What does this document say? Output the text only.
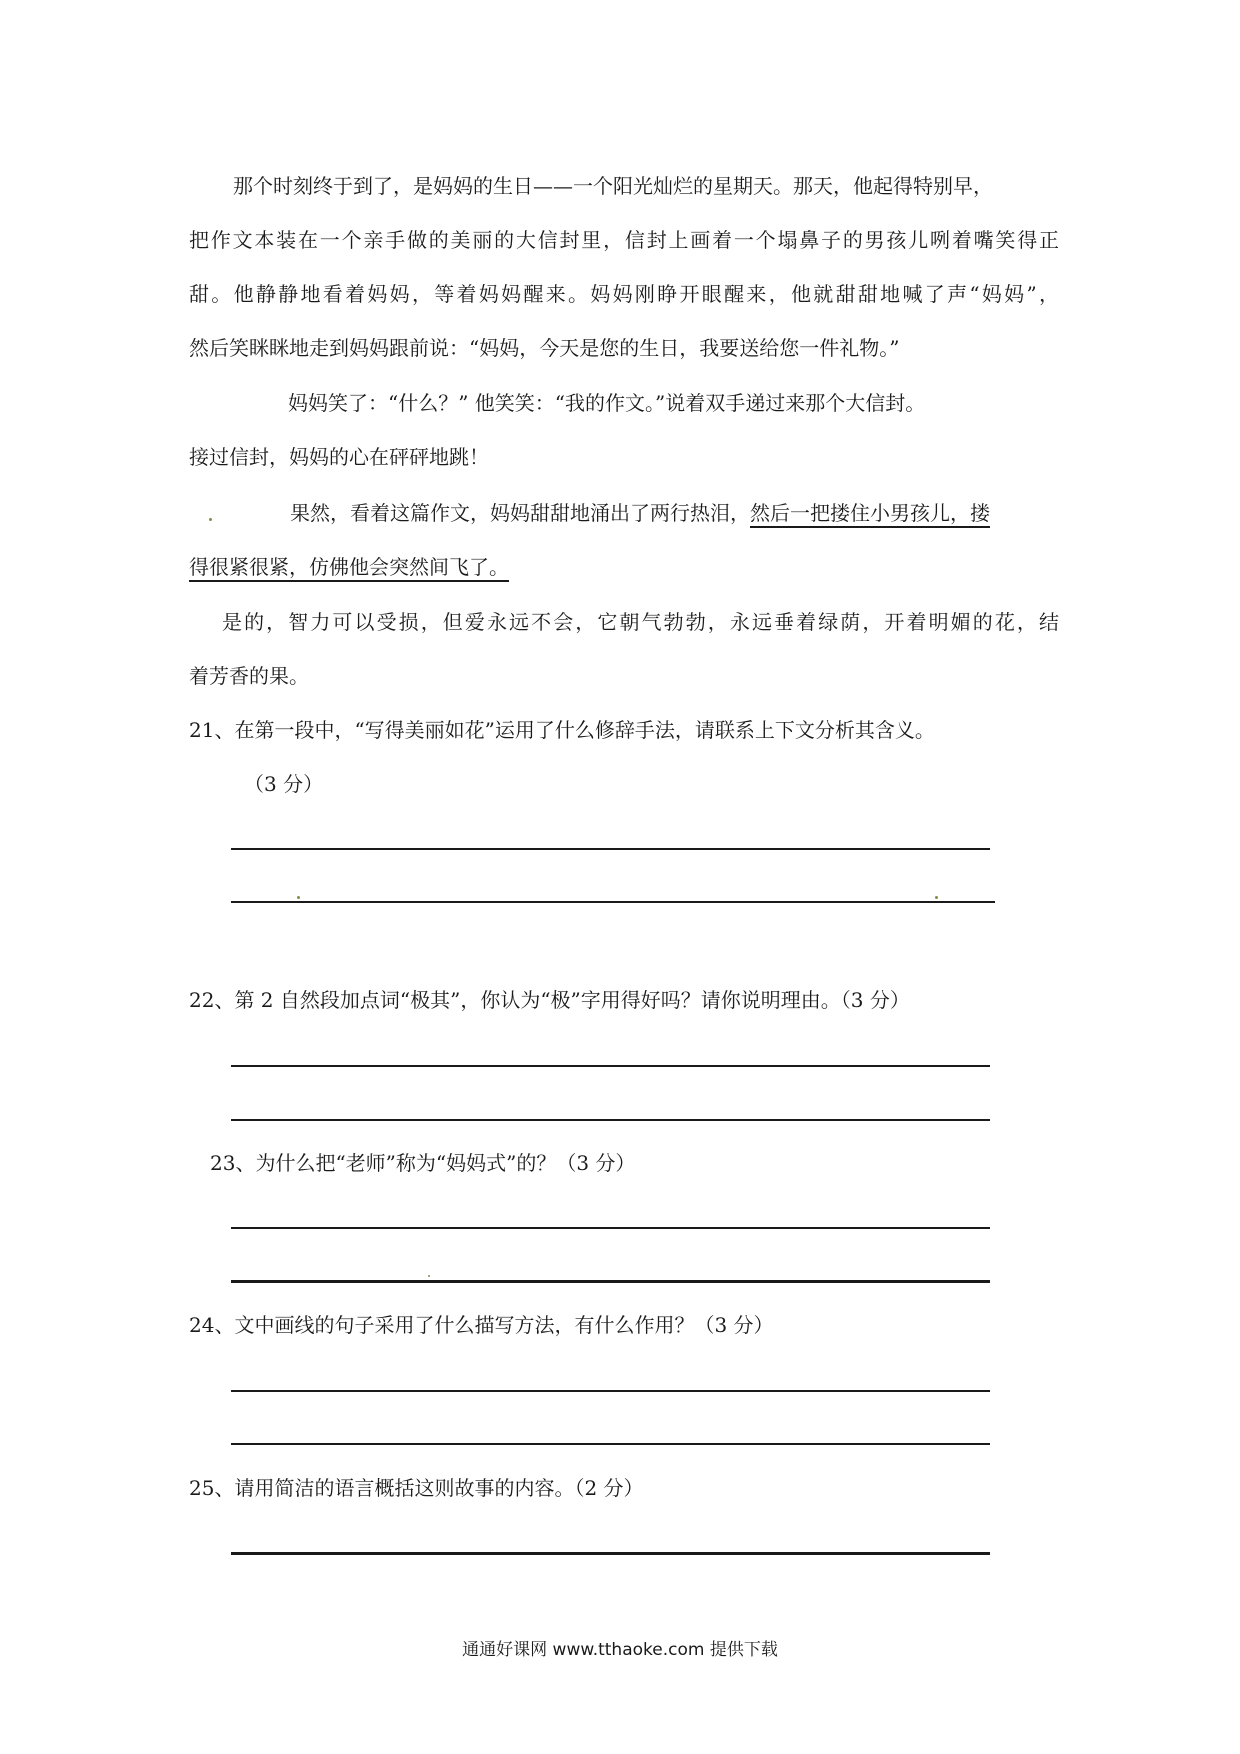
那个时刻终于到了，是妈妈的生日——一个阳光灿烂的星期天。那天，他起得特别早，
把作文本装在一个亲手做的美丽的大信封里，信封上画着一个塌鼻子的男孩儿咧着嘴笑得正
甜。他静静地看着妈妈，等着妈妈醒来。妈妈刚睁开眼醒来，他就甜甜地喊了声“妈妈”，
然后笑眯眯地走到妈妈跟前说：“妈妈，今天是您的生日，我要送给您一件礼物。”
妈妈笑了：“什么？” 他笑笑：“我的作文。”说着双手递过来那个大信封。
接过信封，妈妈的心在砰砰地跳！
果然，看着这篇作文，妈妈甜甜地涌出了两行热泪，然后一把搂住小男孩儿，搂
得很紧很紧，仿佛他会突然间飞了。
是的，智力可以受损，但爱永远不会，它朝气勃勃，永远垂着绿荫，开着明媚的花，结
着芳香的果。
21、在第一段中，“写得美丽如花”运用了什么修辞手法，请联系上下文分析其含义。
（3 分）
22、第 2 自然段加点词“极其”，你认为“极”字用得好吗？请你说明理由。（3 分）
23、为什么把“老师”称为“妈妈式”的？（3 分）
24、文中画线的句子采用了什么描写方法，有什么作用？（3 分）
25、请用简洁的语言概括这则故事的内容。（2 分）
通通好课网 www.tthaoke.com 提供下载
